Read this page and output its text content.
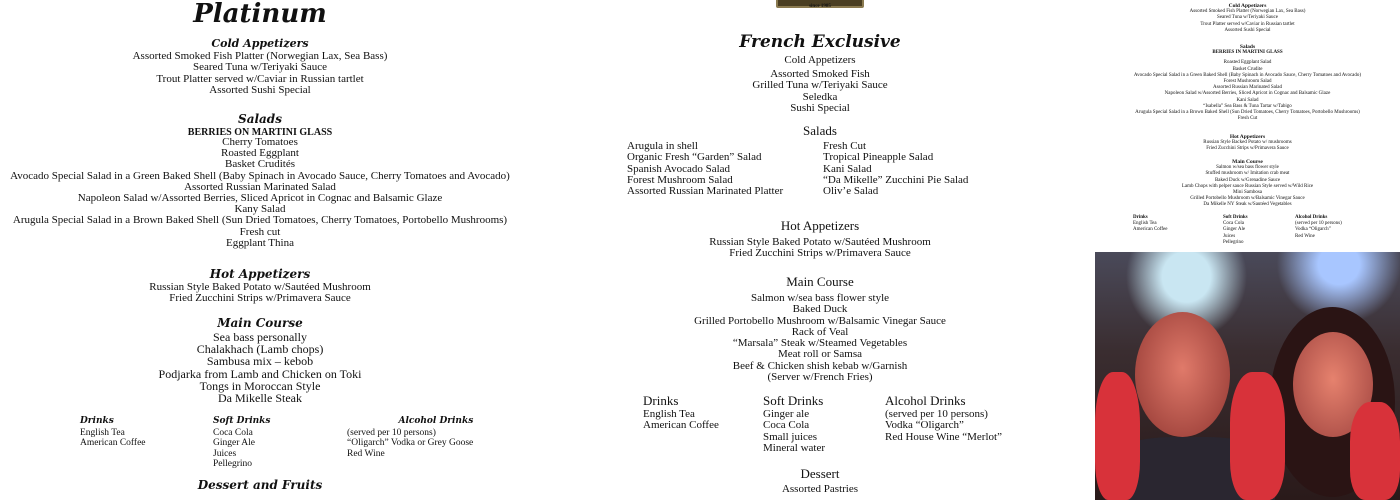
Platinum
Cold Appetizers
Assorted Smoked Fish Platter (Norwegian Lax, Sea Bass)
Seared Tuna w/Teriyaki Sauce
Trout Platter served w/Caviar in Russian tartlet
Assorted Sushi Special
Salads
BERRIES ON MARTINI GLASS
Cherry Tomatoes
Roasted Eggplant
Basket Crudités
Avocado Special Salad in a Green Baked Shell (Baby Spinach in Avocado Sauce, Cherry Tomatoes and Avocado)
Assorted Russian Marinated Salad
Napoleon Salad w/Assorted Berries, Sliced Apricot in Cognac and Balsamic Glaze
Kany Salad
Arugula Special Salad in a Brown Baked Shell (Sun Dried Tomatoes, Cherry Tomatoes, Portobello Mushrooms)
Fresh cut
Eggplant Thina
Hot Appetizers
Russian Style Baked Potato w/Sautéed Mushroom
Fried Zucchini Strips w/Primavera Sauce
Main Course
Sea bass personally
Chalakhach (Lamb chops)
Sambusa mix – kebob
Podjarka from Lamb and Chicken on Toki
Tongs in Moroccan Style
Da Mikelle Steak
Drinks
English Tea
American Coffee
Soft Drinks
Coca Cola
Ginger Ale
Juices
Pellegrino
Alcohol Drinks
(served per 10 persons)
“Oligarch” Vodka or Grey Goose
Red Wine
Dessert and Fruits
since 1985
French Exclusive
Cold Appetizers
Assorted Smoked Fish
Grilled Tuna w/Teriyaki Sauce
Seledka
Sushi Special
Salads
Arugula in shell
Organic Fresh “Garden” Salad
Spanish Avocado Salad
Forest Mushroom Salad
Assorted Russian Marinated Platter
Fresh Cut
Tropical Pineapple Salad
Kani Salad
“Da Mikelle” Zucchini Pie Salad
Oliv’e Salad
Hot Appetizers
Russian Style Baked Potato w/Sautéed Mushroom
Fried Zucchini Strips w/Primavera Sauce
Main Course
Salmon w/sea bass flower style
Baked Duck
Grilled Portobello Mushroom w/Balsamic Vinegar Sauce
Rack of Veal
“Marsala” Steak w/Steamed Vegetables
Meat roll or Samsa
Beef & Chicken shish kebab w/Garnish
(Server w/French Fries)
Drinks
English Tea
American Coffee
Soft Drinks
Ginger ale
Coca Cola
Small juices
Mineral water
Alcohol Drinks
(served per 10 persons)
Vodka “Oligarch”
Red House Wine “Merlot”
Dessert
Assorted Pastries
Cold Appetizers
Assorted Smoked Fish Platter (Norwegian Lax, Sea Bass)
Seared Tuna w/Teriyaki Sauce
Trout Platter served w/Caviar in Russian tartlet
Assorted Sushi Special
Salads
BERRIES IN MARTINI GLASS
Roasted Eggplant Salad
Basket Crudite
Avocado Special Salad in a Green Baked Shell (Baby Spinach in Avocado Sauce, Cherry Tomatoes and Avocado)
Forest Mushroom Salad
Assorted Russian Marinated Salad
Napoleon Salad w/Assorted Berries, Sliced Apricot in Cognac and Balsamic Glaze
Kani Salad
“Isabella” Sea Bass & Tuna Tartar w/Tabigo
Arugula Special Salad in a Brown Baked Shell (Sun Dried Tomatoes, Cherry Tomatoes, Portobello Mushrooms)
Fresh Cut
Hot Appetizers
Russian Style Backed Potato w/ mushrooms
Fried Zucchini Strips w/Primavera Sauce
Main Course
Salmon w/sea bass flower style
Stuffed mushroom w/ Imitation crab meat
Baked Duck w/Grenadine Sauce
Lamb Chops with pelper sauce Russian Style served w/Wild Rice
Mini Sambosa
Grilled Portobello Mushroom w/Balsamic Vinegar Sauce
Da Mikelle NY Steak w/Sautéed Vegetables
Drinks
English Tea
American Coffee
Soft Drinks
Coca Cola
Ginger Ale
Juices
Pellegrino
Alcohol Drinks
(served per 10 persons)
Vodka “Oligarch”
Red Wine
